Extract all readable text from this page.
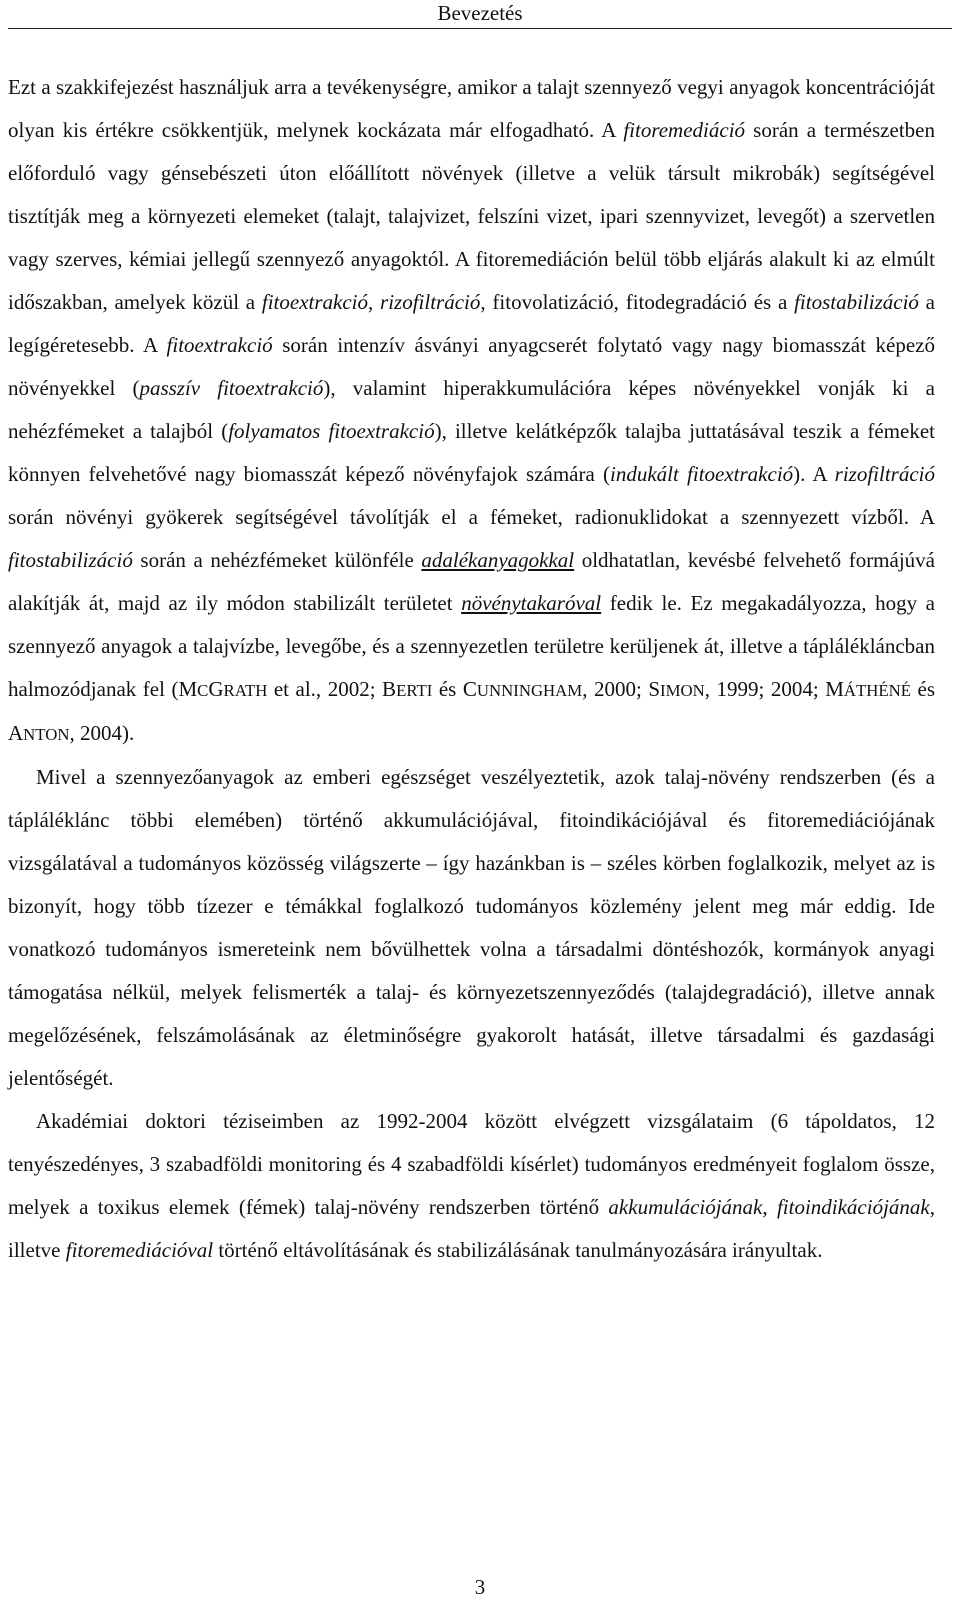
Bevezetés

Ezt a szakkifejezést használjuk arra a tevékenységre, amikor a talajt szennyező vegyi anyagok koncentrációját olyan kis értékre csökkentjük, melynek kockázata már elfogadható. A fitoremediáció során a természetben előforduló vagy génsebészeti úton előállított növények (illetve a velük társult mikrobák) segítségével tisztítják meg a környezeti elemeket (talajt, talajvizet, felszíni vizet, ipari szennyvizet, levegőt) a szervetlen vagy szerves, kémiai jellegű szennyező anyagoktól. A fitoremediáción belül több eljárás alakult ki az elmúlt időszakban, amelyek közül a fitoextrakció, rizofiltráció, fitovolatizáció, fitodegradáció és a fitostabilizáció a legígéretesebb. A fitoextrakció során intenzív ásványi anyagcserét folytató vagy nagy biomasszát képező növényekkel (passzív fitoextrakció), valamint hiperakkumulációra képes növényekkel vonják ki a nehézfémeket a talajból (folyamatos fitoextrakció), illetve kelátképzők talajba juttatásával teszik a fémeket könnyen felvehetővé nagy biomasszát képező növényfajok számára (indukált fitoextrakció). A rizofiltráció során növényi gyökerek segítségével távolítják el a fémeket, radionuklidokat a szennyezett vízből. A fitostabilizáció során a nehézfémeket különféle adalékanyagokkal oldhatatlan, kevésbé felvehető formájúvá alakítják át, majd az ily módon stabilizált területet növénytakaróval fedik le. Ez megakadályozza, hogy a szennyező anyagok a talajvízbe, levegőbe, és a szennyezetlen területre kerüljenek át, illetve a táplálékláncban halmozódjanak fel (MCGRATH et al., 2002; BERTI és CUNNINGHAM, 2000; SIMON, 1999; 2004; MÁTHÉNÉ és ANTON, 2004).

Mivel a szennyezőanyagok az emberi egészséget veszélyeztetik, azok talaj-növény rendszerben (és a tápláléklánc többi elemében) történő akkumulációjával, fitoindikációjával és fitoremediációjának vizsgálatával a tudományos közösség világszerte – így hazánkban is – széles körben foglalkozik, melyet az is bizonyít, hogy több tízezer e témákkal foglalkozó tudományos közlemény jelent meg már eddig. Ide vonatkozó tudományos ismereteink nem bővülhettek volna a társadalmi döntéshozók, kormányok anyagi támogatása nélkül, melyek felismerték a talaj- és környezetszennyeződés (talajdegradáció), illetve annak megelőzésének, felszámolásának az életminőségre gyakorolt hatását, illetve társadalmi és gazdasági jelentőségét.

Akadémiai doktori téziseimben az 1992-2004 között elvégzett vizsgálataim (6 tápoldatos, 12 tenyészedényes, 3 szabadföldi monitoring és 4 szabadföldi kísérlet) tudományos eredményeit foglalom össze, melyek a toxikus elemek (fémek) talaj-növény rendszerben történő akkumulációjának, fitoindikációjának, illetve fitoremediációval történő eltávolításának és stabilizálásának tanulmányozására irányultak.

3
